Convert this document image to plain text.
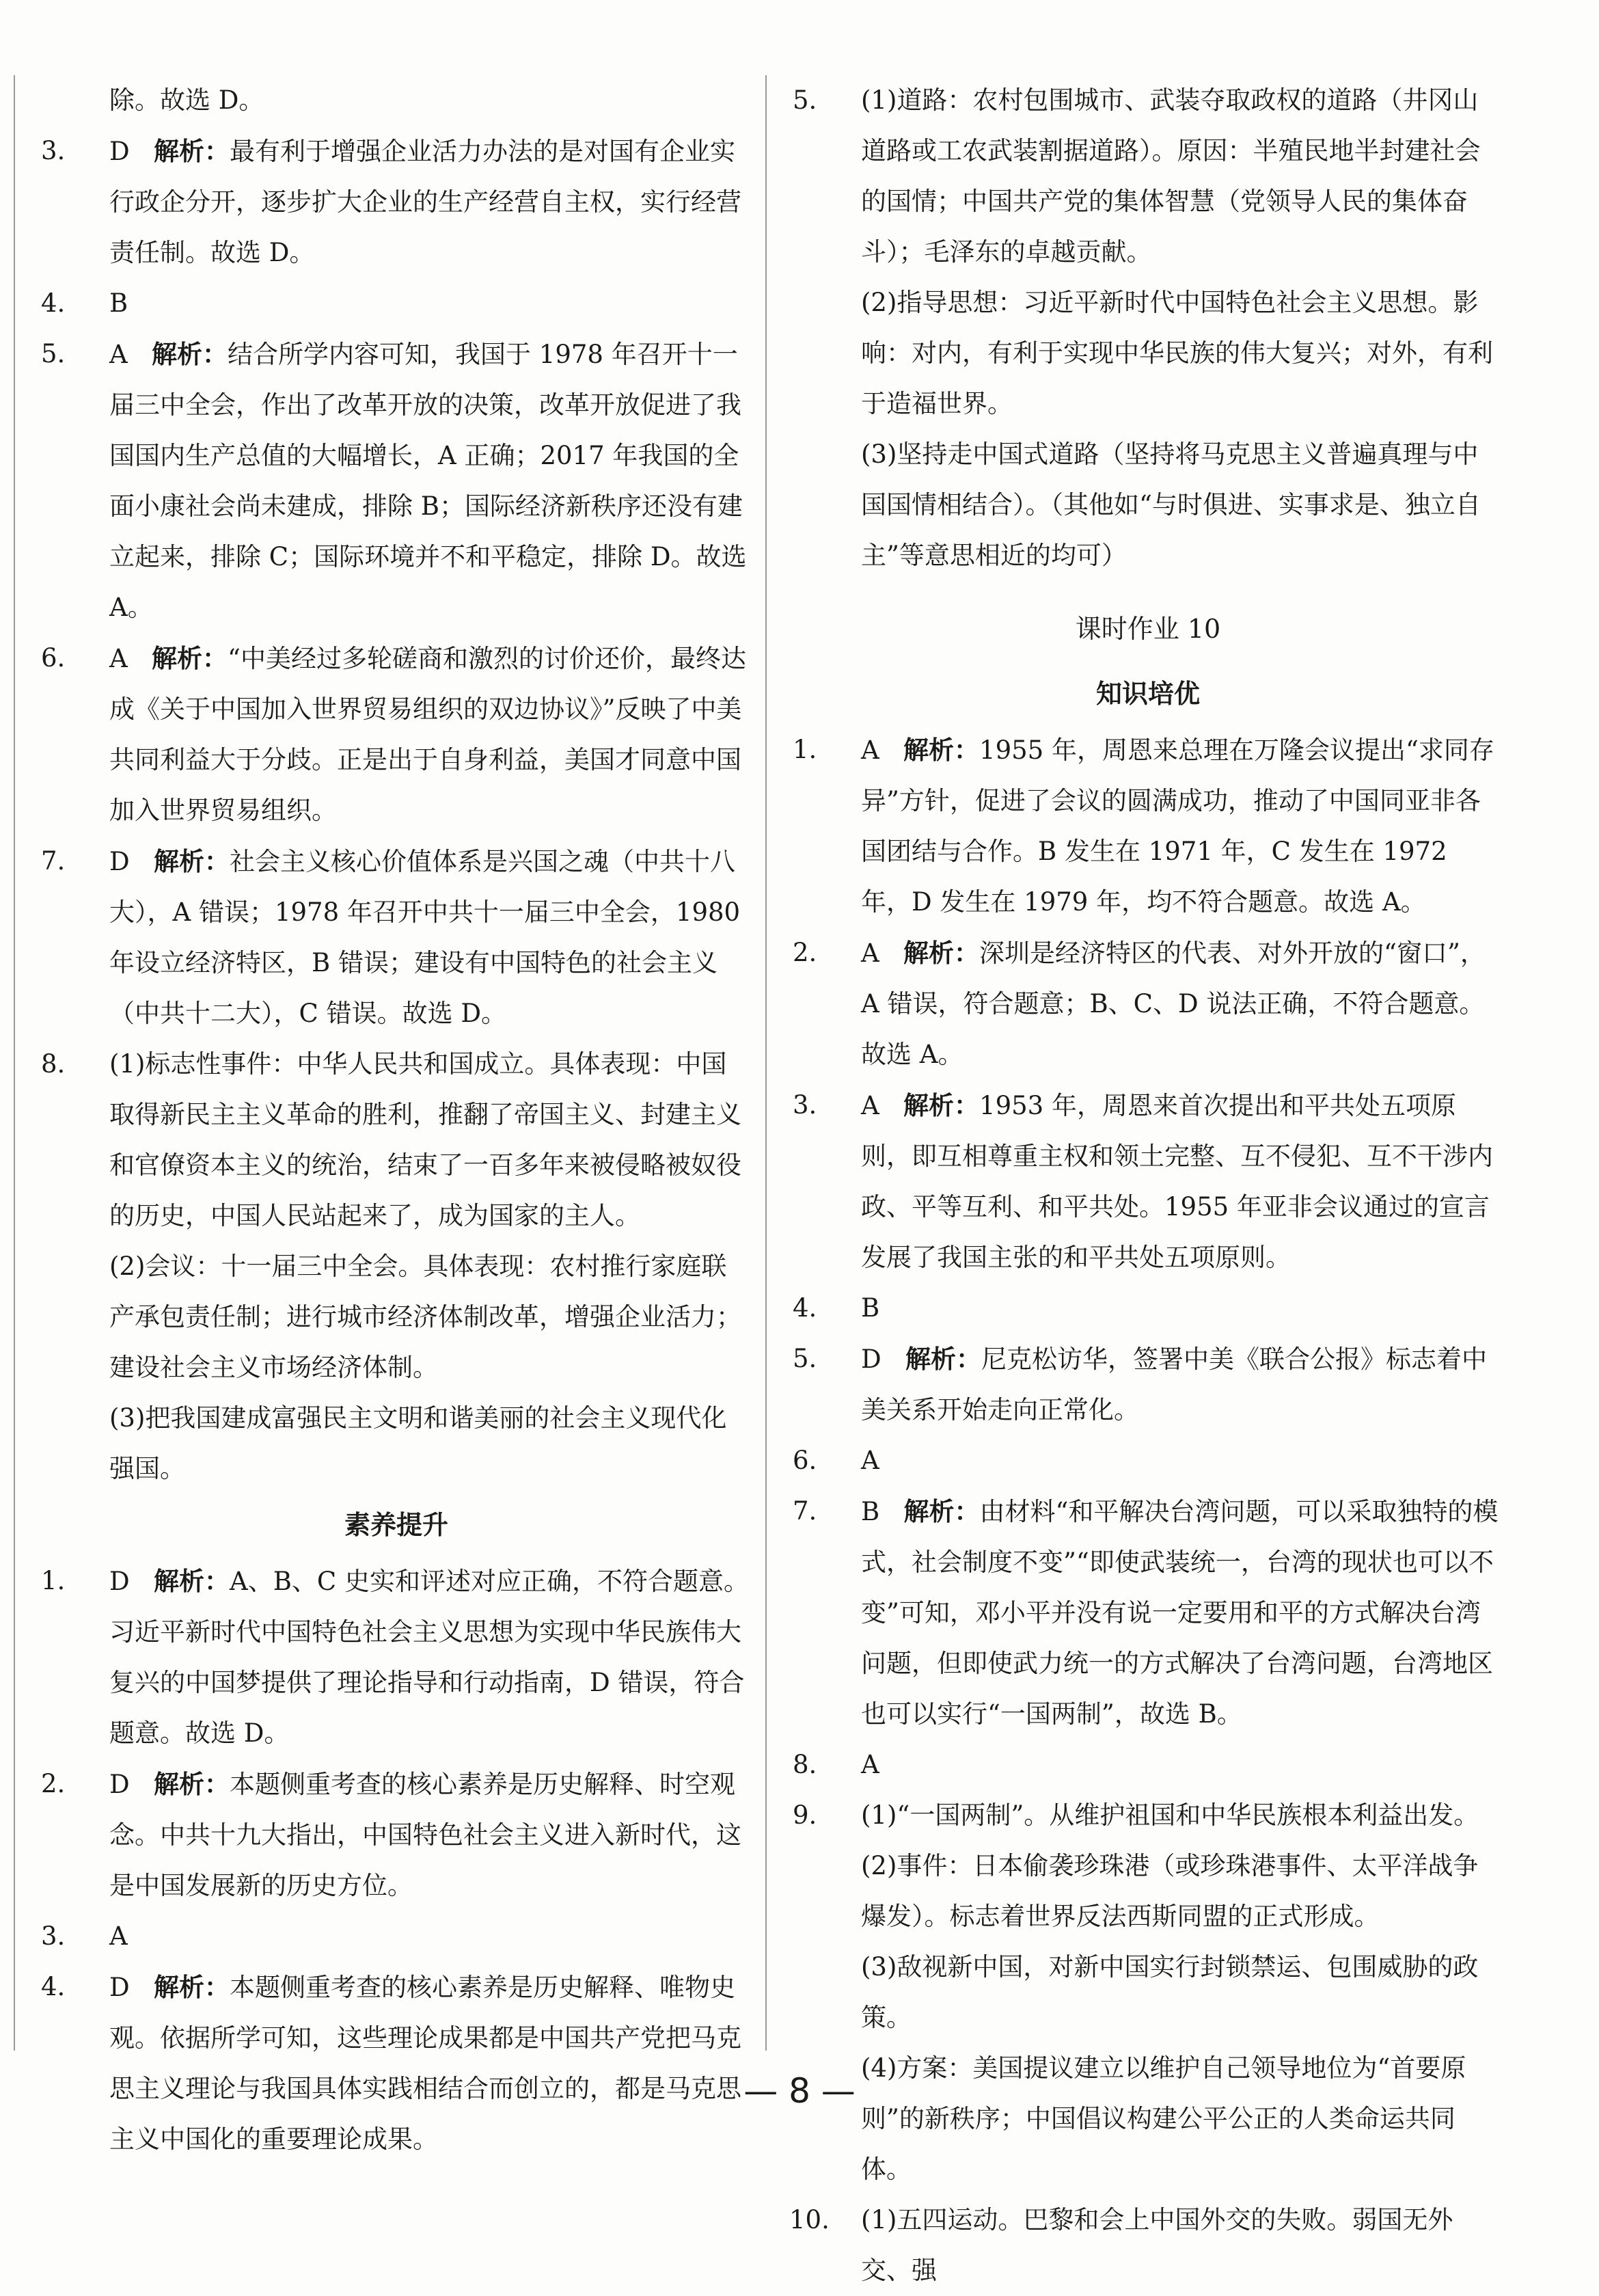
除。故选 D。
3.	D 解析：最有利于增强企业活力办法的是对国有企业实行政企分开，逐步扩大企业的生产经营自主权，实行经营责任制。故选 D。
4.	B
5.	A 解析：结合所学内容可知，我国于 1978 年召开十一届三中全会，作出了改革开放的决策，改革开放促进了我国国内生产总值的大幅增长，A 正确；2017 年我国的全面小康社会尚未建成，排除 B；国际经济新秩序还没有建立起来，排除 C；国际环境并不和平稳定，排除 D。故选 A。
6.	A 解析：“中美经过多轮磋商和激烈的讨价还价，最终达成《关于中国加入世界贸易组织的双边协议》”反映了中美共同利益大于分歧。正是出于自身利益，美国才同意中国加入世界贸易组织。
7.	D 解析：社会主义核心价值体系是兴国之魂（中共十八大），A 错误；1978 年召开中共十一届三中全会，1980 年设立经济特区，B 错误；建设有中国特色的社会主义（中共十二大），C 错误。故选 D。
8.	(1)标志性事件：中华人民共和国成立。具体表现：中国取得新民主主义革命的胜利，推翻了帝国主义、封建主义和官僚资本主义的统治，结束了一百多年来被侵略被奴役的历史，中国人民站起来了，成为国家的主人。
(2)会议：十一届三中全会。具体表现：农村推行家庭联产承包责任制；进行城市经济体制改革，增强企业活力；建设社会主义市场经济体制。
(3)把我国建成富强民主文明和谐美丽的社会主义现代化强国。
素养提升
1.	D 解析：A、B、C 史实和评述对应正确，不符合题意。习近平新时代中国特色社会主义思想为实现中华民族伟大复兴的中国梦提供了理论指导和行动指南，D 错误，符合题意。故选 D。
2.	D 解析：本题侧重考查的核心素养是历史解释、时空观念。中共十九大指出，中国特色社会主义进入新时代，这是中国发展新的历史方位。
3.	A
4.	D 解析：本题侧重考查的核心素养是历史解释、唯物史观。依据所学可知，这些理论成果都是中国共产党把马克思主义理论与我国具体实践相结合而创立的，都是马克思主义中国化的重要理论成果。
5.	(1)道路：农村包围城市、武装夺取政权的道路（井冈山道路或工农武装割据道路）。原因：半殖民地半封建社会的国情；中国共产党的集体智慧（党领导人民的集体奋斗）；毛泽东的卓越贡献。
(2)指导思想：习近平新时代中国特色社会主义思想。影响：对内，有利于实现中华民族的伟大复兴；对外，有利于造福世界。
(3)坚持走中国式道路（坚持将马克思主义普遍真理与中国国情相结合）。（其他如“与时俱进、实事求是、独立自主”等意思相近的均可）
课时作业 10
知识培优
1.	A 解析：1955 年，周恩来总理在万隆会议提出“求同存异”方针，促进了会议的圆满成功，推动了中国同亚非各国团结与合作。B 发生在 1971 年，C 发生在 1972 年，D 发生在 1979 年，均不符合题意。故选 A。
2.	A 解析：深圳是经济特区的代表、对外开放的“窗口”，A 错误，符合题意；B、C、D 说法正确，不符合题意。故选 A。
3.	A 解析：1953 年，周恩来首次提出和平共处五项原则，即互相尊重主权和领土完整、互不侵犯、互不干涉内政、平等互利、和平共处。1955 年亚非会议通过的宣言发展了我国主张的和平共处五项原则。
4.	B
5.	D 解析：尼克松访华，签署中美《联合公报》标志着中美关系开始走向正常化。
6.	A
7.	B 解析：由材料“和平解决台湾问题，可以采取独特的模式，社会制度不变”“即使武装统一，台湾的现状也可以不变”可知，邓小平并没有说一定要用和平的方式解决台湾问题，但即使武力统一的方式解决了台湾问题，台湾地区也可以实行“一国两制”，故选 B。
8.	A
9.	(1)“一国两制”。从维护祖国和中华民族根本利益出发。
(2)事件：日本偷袭珍珠港（或珍珠港事件、太平洋战争爆发）。标志着世界反法西斯同盟的正式形成。
(3)敌视新中国，对新中国实行封锁禁运、包围威胁的政策。
(4)方案：美国提议建立以维护自己领导地位为“首要原则”的新秩序；中国倡议构建公平公正的人类命运共同体。
10.	(1)五四运动。巴黎和会上中国外交的失败。弱国无外交、强
— 8 —
